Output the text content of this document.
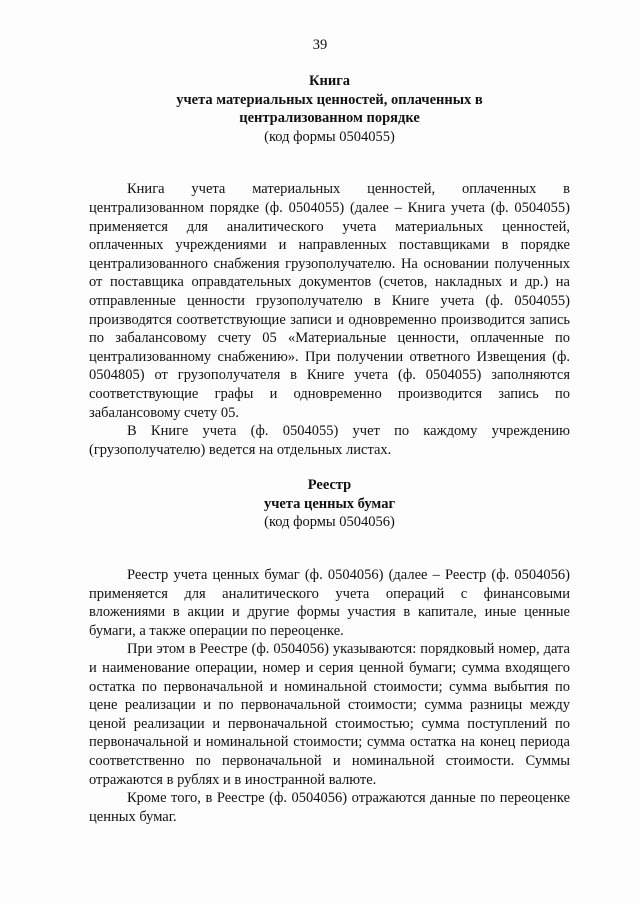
39
Книга
учета материальных ценностей, оплаченных в
централизованном порядке
(код формы 0504055)

Книга учета материальных ценностей, оплаченных в централизованном порядке (ф. 0504055) (далее – Книга учета (ф. 0504055) применяется для аналитического учета материальных ценностей, оплаченных учреждениями и направленных поставщиками в порядке централизованного снабжения грузополучателю. На основании полученных от поставщика оправдательных документов (счетов, накладных и др.) на отправленные ценности грузополучателю в Книге учета (ф. 0504055) производятся соответствующие записи и одновременно производится запись по забалансовому счету 05 «Материальные ценности, оплаченные по централизованному снабжению». При получении ответного Извещения (ф. 0504805) от грузополучателя в Книге учета (ф. 0504055) заполняются соответствующие графы и одновременно производится запись по забалансовому счету 05.

В Книге учета (ф. 0504055) учет по каждому учреждению (грузополучателю) ведется на отдельных листах.

Реестр
учета ценных бумаг
(код формы 0504056)

Реестр учета ценных бумаг (ф. 0504056) (далее – Реестр (ф. 0504056) применяется для аналитического учета операций с финансовыми вложениями в акции и другие формы участия в капитале, иные ценные бумаги, а также операции по переоценке.

При этом в Реестре (ф. 0504056) указываются: порядковый номер, дата и наименование операции, номер и серия ценной бумаги; сумма входящего остатка по первоначальной и номинальной стоимости; сумма выбытия по цене реализации и по первоначальной стоимости; сумма разницы между ценой реализации и первоначальной стоимостью; сумма поступлений по первоначальной и номинальной стоимости; сумма остатка на конец периода соответственно по первоначальной и номинальной стоимости. Суммы отражаются в рублях и в иностранной валюте.

Кроме того, в Реестре (ф. 0504056) отражаются данные по переоценке ценных бумаг.
